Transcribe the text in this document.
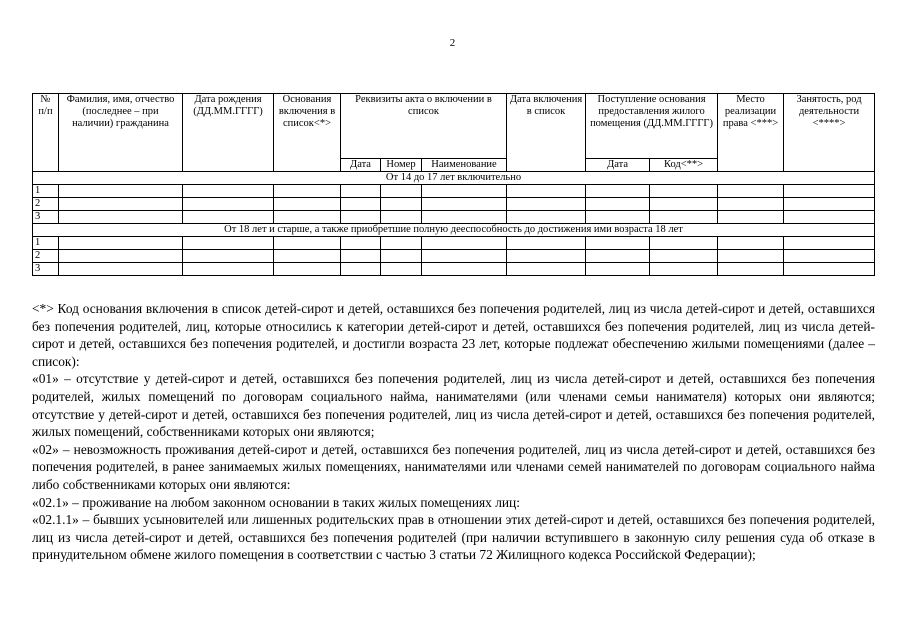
2
№ п/п	Фамилия, имя, отчество (последнее – при наличии) гражданина	Дата рождения (ДД.ММ.ГГГГ)	Основания включения в список<*>	Реквизиты акта о включении в список			Дата включения в список	Поступление основания предоставления жилого помещения (ДД.ММ.ГГГГ)		Место реализации права <***>	Занятость, род деятельности <****>
				Дата	Номер	Наименование		Дата	Код<**>		
От 14 до 17 лет включительно											
1											
2											
3											
От 18 лет и старше, а также приобретшие полную дееспособность до достижения ими возраста 18 лет											
1											
2											
3											

<*> Код основания включения в список детей-сирот и детей, оставшихся без попечения родителей, лиц из числа детей-сирот и детей, оставшихся без попечения родителей, лиц, которые относились к категории детей-сирот и детей, оставшихся без попечения родителей, лиц из числа детей-сирот и детей, оставшихся без попечения родителей, и достигли возраста 23 лет, которые подлежат обеспечению жилыми помещениями (далее – список):

«01» – отсутствие у детей-сирот и детей, оставшихся без попечения родителей, лиц из числа детей-сирот и детей, оставшихся без попечения родителей, жилых помещений по договорам социального найма, нанимателями (или членами семьи нанимателя) которых они являются; отсутствие у детей-сирот и детей, оставшихся без попечения родителей, лиц из числа детей-сирот и детей, оставшихся без попечения родителей, жилых помещений, собственниками которых они являются;

«02» – невозможность проживания детей-сирот и детей, оставшихся без попечения родителей, лиц из числа детей-сирот и детей, оставшихся без попечения родителей, в ранее занимаемых жилых помещениях, нанимателями или членами семей нанимателей по договорам социального найма либо собственниками которых они являются:

«02.1» – проживание на любом законном основании в таких жилых помещениях лиц:

«02.1.1» – бывших усыновителей или лишенных родительских прав в отношении этих детей-сирот и детей, оставшихся без попечения родителей, лиц из числа детей-сирот и детей, оставшихся без попечения родителей (при наличии вступившего в законную силу решения суда об отказе в принудительном обмене жилого помещения в соответствии с частью 3 статьи 72 Жилищного кодекса Российской Федерации);
